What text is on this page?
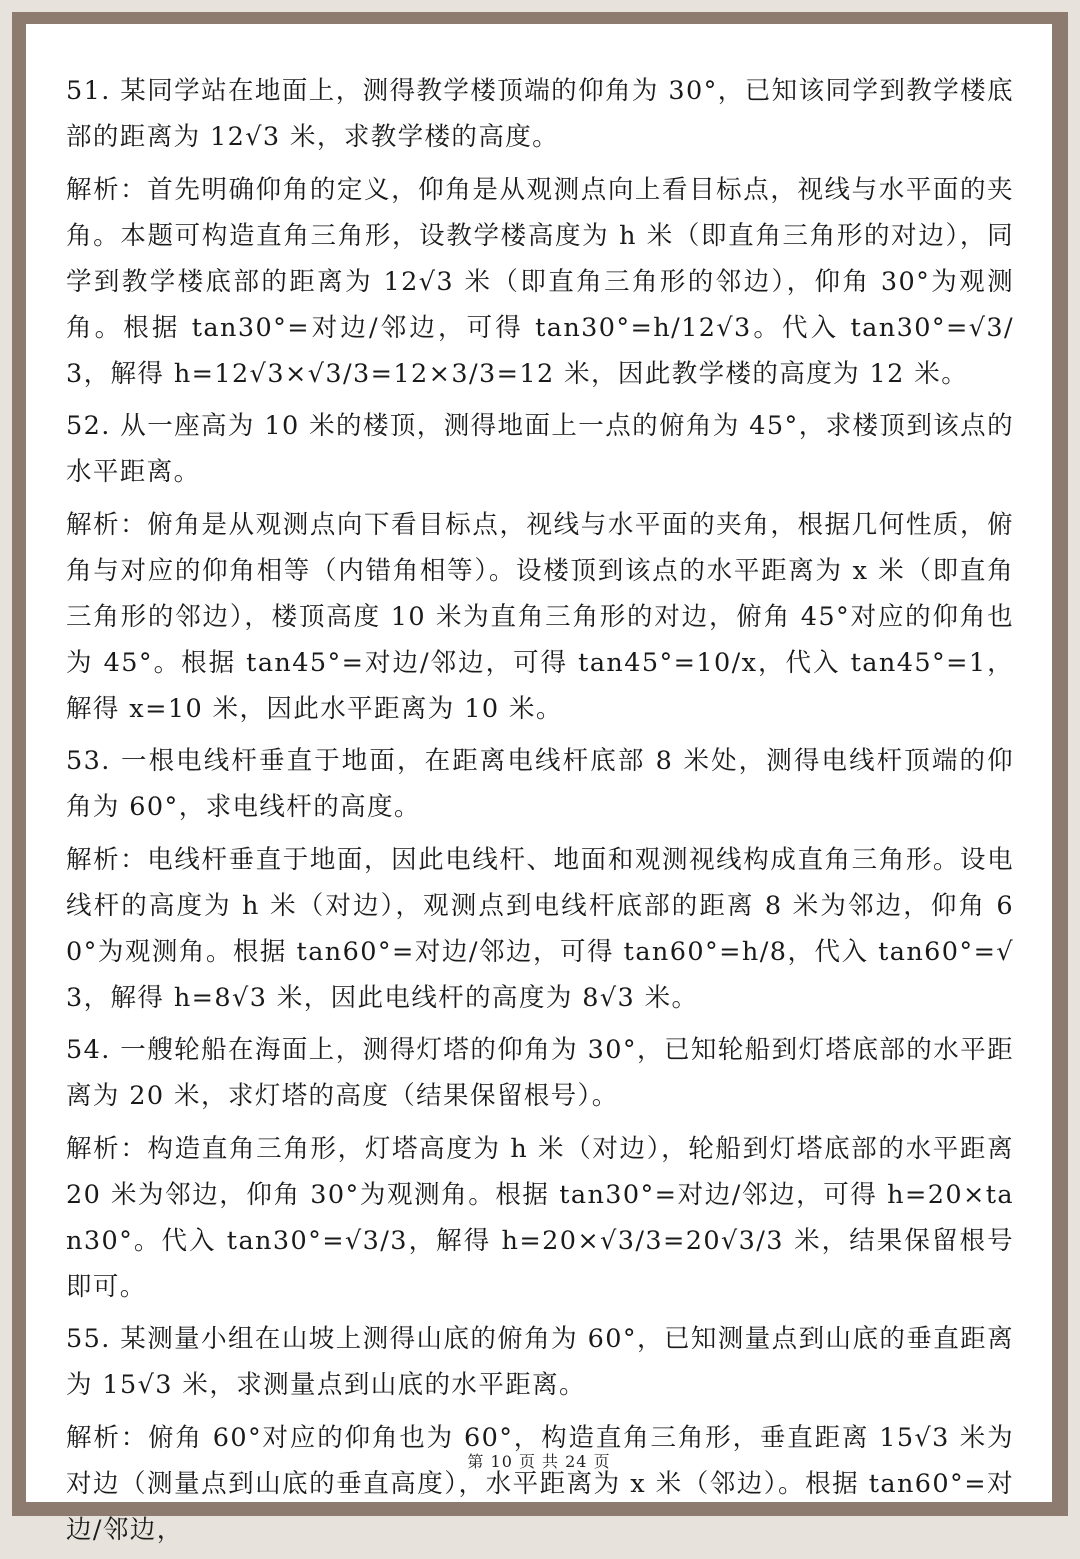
51. 某同学站在地面上，测得教学楼顶端的仰角为 30°，已知该同学到教学楼底部的距离为 12√3 米，求教学楼的高度。

解析：首先明确仰角的定义，仰角是从观测点向上看目标点，视线与水平面的夹角。本题可构造直角三角形，设教学楼高度为 h 米（即直角三角形的对边），同学到教学楼底部的距离为 12√3 米（即直角三角形的邻边），仰角 30°为观测角。根据 tan30°=对边/邻边，可得 tan30°=h/12√3。代入 tan30°=√3/3，解得 h=12√3×√3/3=12×3/3=12 米，因此教学楼的高度为 12 米。

52. 从一座高为 10 米的楼顶，测得地面上一点的俯角为 45°，求楼顶到该点的水平距离。

解析：俯角是从观测点向下看目标点，视线与水平面的夹角，根据几何性质，俯角与对应的仰角相等（内错角相等）。设楼顶到该点的水平距离为 x 米（即直角三角形的邻边），楼顶高度 10 米为直角三角形的对边，俯角 45°对应的仰角也为 45°。根据 tan45°=对边/邻边，可得 tan45°=10/x，代入 tan45°=1，解得 x=10 米，因此水平距离为 10 米。

53. 一根电线杆垂直于地面，在距离电线杆底部 8 米处，测得电线杆顶端的仰角为 60°，求电线杆的高度。

解析：电线杆垂直于地面，因此电线杆、地面和观测视线构成直角三角形。设电线杆的高度为 h 米（对边），观测点到电线杆底部的距离 8 米为邻边，仰角 60°为观测角。根据 tan60°=对边/邻边，可得 tan60°=h/8，代入 tan60°=√3，解得 h=8√3 米，因此电线杆的高度为 8√3 米。

54. 一艘轮船在海面上，测得灯塔的仰角为 30°，已知轮船到灯塔底部的水平距离为 20 米，求灯塔的高度（结果保留根号）。

解析：构造直角三角形，灯塔高度为 h 米（对边），轮船到灯塔底部的水平距离 20 米为邻边，仰角 30°为观测角。根据 tan30°=对边/邻边，可得 h=20×tan30°。代入 tan30°=√3/3，解得 h=20×√3/3=20√3/3 米，结果保留根号即可。

55. 某测量小组在山坡上测得山底的俯角为 60°，已知测量点到山底的垂直距离为 15√3 米，求测量点到山底的水平距离。

解析：俯角 60°对应的仰角也为 60°，构造直角三角形，垂直距离 15√3 米为对边（测量点到山底的垂直高度），水平距离为 x 米（邻边）。根据 tan60°=对边/邻边，

第 10 页 共 24 页
